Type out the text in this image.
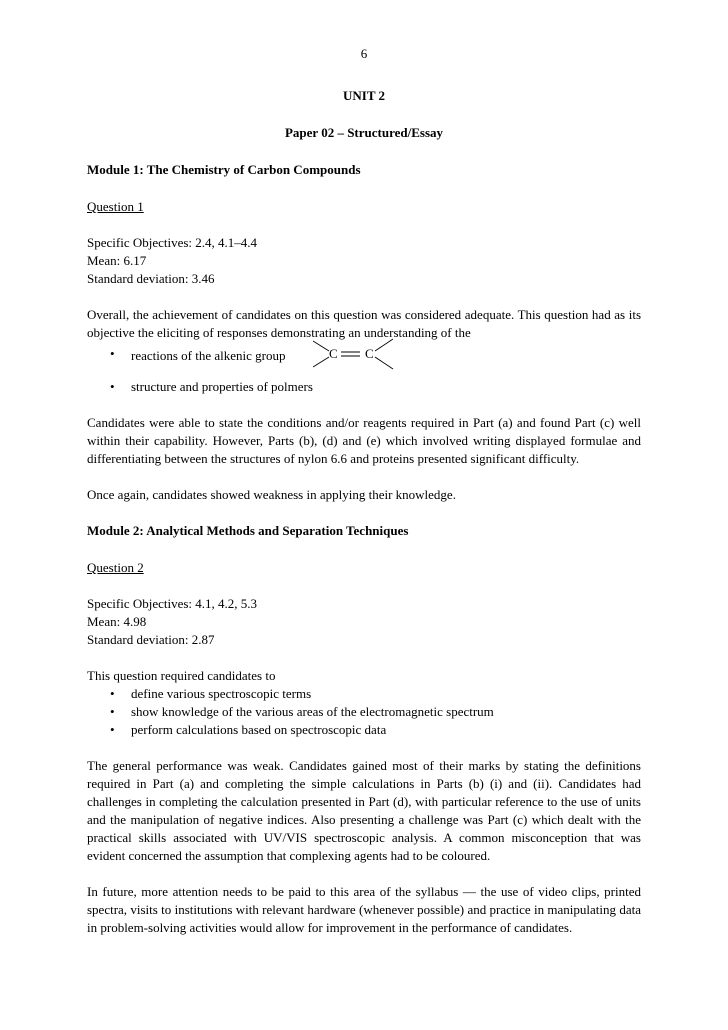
6
UNIT 2
Paper 02 – Structured/Essay
Module 1: The Chemistry of Carbon Compounds
Question 1
Specific Objectives: 2.4, 4.1–4.4
Mean: 6.17
Standard deviation: 3.46

Overall, the achievement of candidates on this question was considered adequate. This question had as its objective the eliciting of responses demonstrating an understanding of the

• reactions of the alkenic group	C C
• structure and properties of polmers

Candidates were able to state the conditions and/or reagents required in Part (a) and found Part (c) well within their capability. However, Parts (b), (d) and (e) which involved writing displayed formulae and differentiating between the structures of nylon 6.6 and proteins presented significant difficulty.

Once again, candidates showed weakness in applying their knowledge.

Module 2: Analytical Methods and Separation Techniques
Question 2
Specific Objectives: 4.1, 4.2, 5.3
Mean: 4.98
Standard deviation: 2.87
This question required candidates to
• define various spectroscopic terms
• show knowledge of the various areas of the electromagnetic spectrum
• perform calculations based on spectroscopic data

The general performance was weak. Candidates gained most of their marks by stating the definitions required in Part (a) and completing the simple calculations in Parts (b) (i) and (ii). Candidates had challenges in completing the calculation presented in Part (d), with particular reference to the use of units and the manipulation of negative indices. Also presenting a challenge was Part (c) which dealt with the practical skills associated with UV/VIS spectroscopic analysis. A common misconception that was evident concerned the assumption that complexing agents had to be coloured.

In future, more attention needs to be paid to this area of the syllabus — the use of video clips, printed spectra, visits to institutions with relevant hardware (whenever possible) and practice in manipulating data in problem-solving activities would allow for improvement in the performance of candidates.
